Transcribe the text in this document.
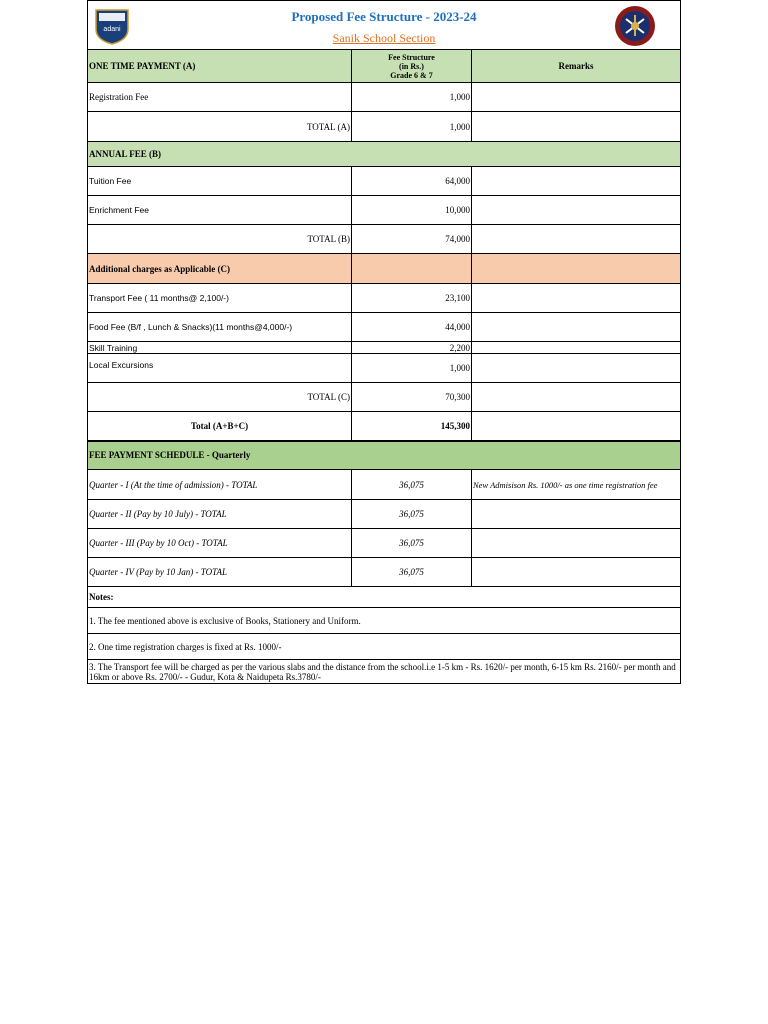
adani
Proposed Fee Structure - 2023-24
Sanik School Section		

ONE TIME PAYMENT (A)	Fee Structure
(in Rs.)
Grade 6 & 7	Remarks
Registration Fee	1,000	
TOTAL (A)	1,000	
ANNUAL FEE (B)		
Tuition Fee	64,000	
Enrichment Fee	10,000	
TOTAL (B)	74,000	
Additional charges as Applicable (C)		
Transport Fee ( 11 months@ 2,100/-)	23,100	
Food Fee (B/f , Lunch & Snacks)(11 months@4,000/-)	44,000	
Skill Training	2,200	
Local Excursions	1,000	
TOTAL (C)	70,300	
Total (A+B+C)	145,300	
FEE PAYMENT SCHEDULE - Quarterly		
Quarter - I (At the time of admission) - TOTAL	36,075	New Admisison Rs. 1000/- as one time registration fee
Quarter - II (Pay by 10 July) - TOTAL	36,075	
Quarter - III (Pay by 10 Oct) - TOTAL	36,075	
Quarter - IV (Pay by 10 Jan) - TOTAL	36,075	
Notes:		
1. The fee mentioned above is exclusive of Books, Stationery and Uniform.		
2. One time registration charges is fixed at Rs. 1000/-		
3. The Transport fee will be charged as per the various slabs and the distance from the school.i.e 1-5 km - Rs. 1620/- per month, 6-15 km Rs. 2160/- per month and 16km or above Rs. 2700/- - Gudur, Kota & Naidupeta Rs.3780/-		
